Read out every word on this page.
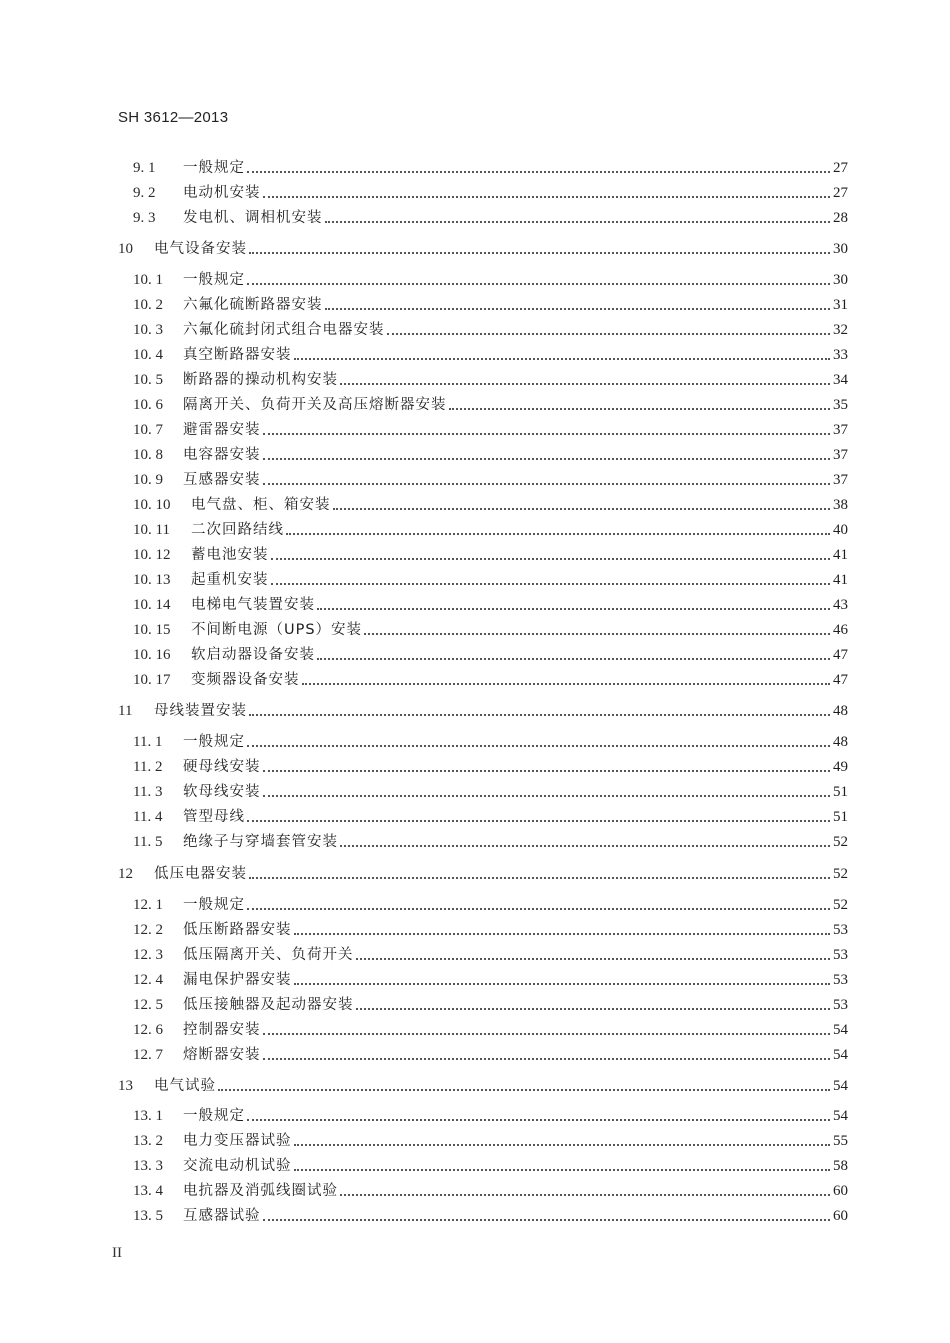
SH 3612—2013
9. 1	一般规定	27
9. 2	电动机安装	27
9. 3	发电机、调相机安装	28
10	电气设备安装	30
10. 1	一般规定	30
10. 2	六氟化硫断路器安装	31
10. 3	六氟化硫封闭式组合电器安装	32
10. 4	真空断路器安装	33
10. 5	断路器的操动机构安装	34
10. 6	隔离开关、负荷开关及高压熔断器安装	35
10. 7	避雷器安装	37
10. 8	电容器安装	37
10. 9	互感器安装	37
10. 10	电气盘、柜、箱安装	38
10. 11	二次回路结线	40
10. 12	蓄电池安装	41
10. 13	起重机安装	41
10. 14	电梯电气装置安装	43
10. 15	不间断电源（UPS）安装	46
10. 16	软启动器设备安装	47
10. 17	变频器设备安装	47
11	母线装置安装	48
11. 1	一般规定	48
11. 2	硬母线安装	49
11. 3	软母线安装	51
11. 4	管型母线	51
11. 5	绝缘子与穿墙套管安装	52
12	低压电器安装	52
12. 1	一般规定	52
12. 2	低压断路器安装	53
12. 3	低压隔离开关、负荷开关	53
12. 4	漏电保护器安装	53
12. 5	低压接触器及起动器安装	53
12. 6	控制器安装	54
12. 7	熔断器安装	54
13	电气试验	54
13. 1	一般规定	54
13. 2	电力变压器试验	55
13. 3	交流电动机试验	58
13. 4	电抗器及消弧线圈试验	60
13. 5	互感器试验	60
II
